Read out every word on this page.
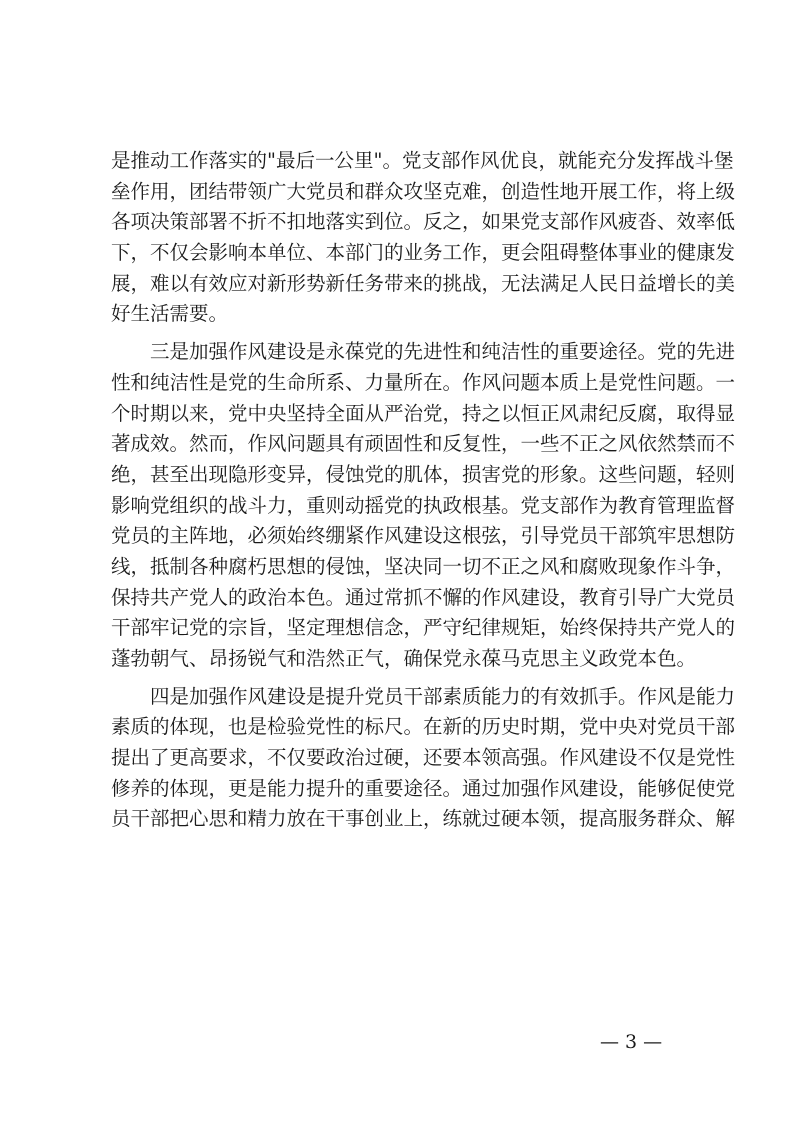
是推动工作落实的"最后一公里"。党支部作风优良，就能充分发挥战斗堡
垒作用，团结带领广大党员和群众攻坚克难，创造性地开展工作，将上级
各项决策部署不折不扣地落实到位。反之，如果党支部作风疲沓、效率低
下，不仅会影响本单位、本部门的业务工作，更会阻碍整体事业的健康发
展，难以有效应对新形势新任务带来的挑战，无法满足人民日益增长的美
好生活需要。
三是加强作风建设是永葆党的先进性和纯洁性的重要途径。党的先进
性和纯洁性是党的生命所系、力量所在。作风问题本质上是党性问题。一
个时期以来，党中央坚持全面从严治党，持之以恒正风肃纪反腐，取得显
著成效。然而，作风问题具有顽固性和反复性，一些不正之风依然禁而不
绝，甚至出现隐形变异，侵蚀党的肌体，损害党的形象。这些问题，轻则
影响党组织的战斗力，重则动摇党的执政根基。党支部作为教育管理监督
党员的主阵地，必须始终绷紧作风建设这根弦，引导党员干部筑牢思想防
线，抵制各种腐朽思想的侵蚀，坚决同一切不正之风和腐败现象作斗争，
保持共产党人的政治本色。通过常抓不懈的作风建设，教育引导广大党员
干部牢记党的宗旨，坚定理想信念，严守纪律规矩，始终保持共产党人的
蓬勃朝气、昂扬锐气和浩然正气，确保党永葆马克思主义政党本色。
四是加强作风建设是提升党员干部素质能力的有效抓手。作风是能力
素质的体现，也是检验党性的标尺。在新的历史时期，党中央对党员干部
提出了更高要求，不仅要政治过硬，还要本领高强。作风建设不仅是党性
修养的体现，更是能力提升的重要途径。通过加强作风建设，能够促使党
员干部把心思和精力放在干事创业上，练就过硬本领，提高服务群众、解
— 3 —
